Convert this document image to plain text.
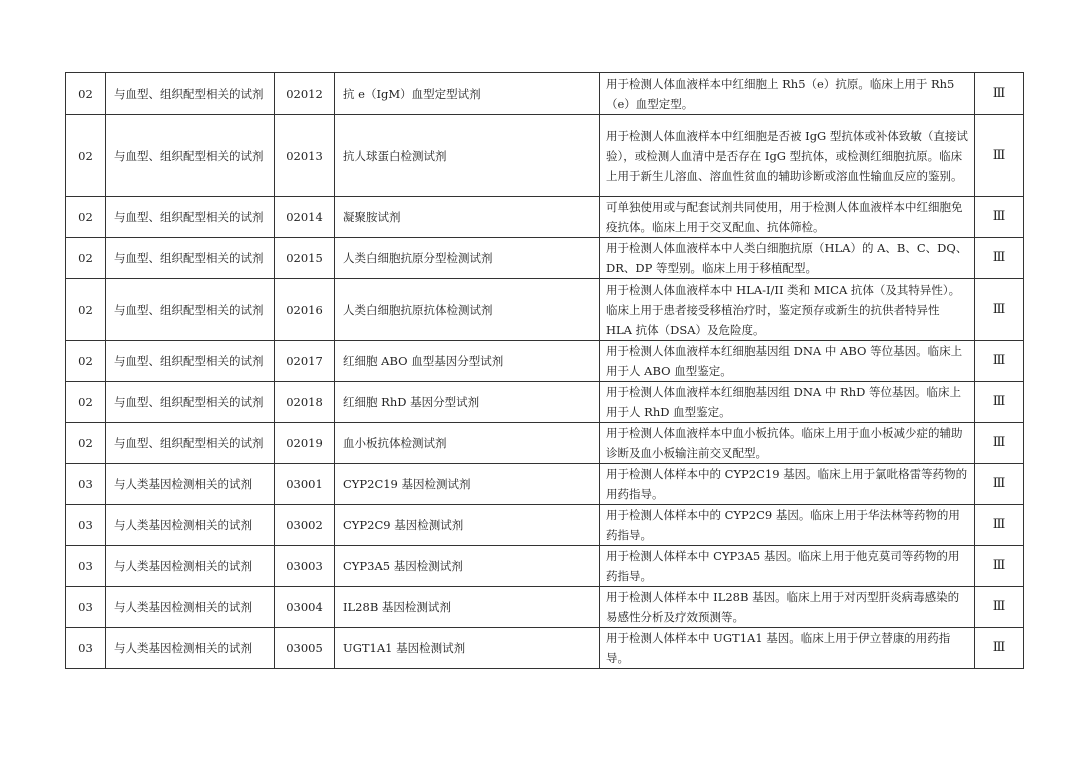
02	与血型、组织配型相关的试剂	02012	抗 e（IgM）血型定型试剂	用于检测人体血液样本中红细胞上 Rh5（e）抗原。临床上用于 Rh5（e）血型定型。	Ⅲ
02	与血型、组织配型相关的试剂	02013	抗人球蛋白检测试剂	用于检测人体血液样本中红细胞是否被 IgG 型抗体或补体致敏（直接试验），或检测人血清中是否存在 IgG 型抗体，或检测红细胞抗原。临床上用于新生儿溶血、溶血性贫血的辅助诊断或溶血性输血反应的鉴别。	Ⅲ
02	与血型、组织配型相关的试剂	02014	凝聚胺试剂	可单独使用或与配套试剂共同使用，用于检测人体血液样本中红细胞免疫抗体。临床上用于交叉配血、抗体筛检。	Ⅲ
02	与血型、组织配型相关的试剂	02015	人类白细胞抗原分型检测试剂	用于检测人体血液样本中人类白细胞抗原（HLA）的 A、B、C、DQ、DR、DP 等型别。临床上用于移植配型。	Ⅲ
02	与血型、组织配型相关的试剂	02016	人类白细胞抗原抗体检测试剂	用于检测人体血液样本中 HLA-I/II 类和 MICA 抗体（及其特异性）。临床上用于患者接受移植治疗时，鉴定预存或新生的抗供者特异性 HLA 抗体（DSA）及危险度。	Ⅲ
02	与血型、组织配型相关的试剂	02017	红细胞 ABO 血型基因分型试剂	用于检测人体血液样本红细胞基因组 DNA 中 ABO 等位基因。临床上用于人 ABO 血型鉴定。	Ⅲ
02	与血型、组织配型相关的试剂	02018	红细胞 RhD 基因分型试剂	用于检测人体血液样本红细胞基因组 DNA 中 RhD 等位基因。临床上用于人 RhD 血型鉴定。	Ⅲ
02	与血型、组织配型相关的试剂	02019	血小板抗体检测试剂	用于检测人体血液样本中血小板抗体。临床上用于血小板减少症的辅助诊断及血小板输注前交叉配型。	Ⅲ
03	与人类基因检测相关的试剂	03001	CYP2C19 基因检测试剂	用于检测人体样本中的 CYP2C19 基因。临床上用于氯吡格雷等药物的用药指导。	Ⅲ
03	与人类基因检测相关的试剂	03002	CYP2C9 基因检测试剂	用于检测人体样本中的 CYP2C9 基因。临床上用于华法林等药物的用药指导。	Ⅲ
03	与人类基因检测相关的试剂	03003	CYP3A5 基因检测试剂	用于检测人体样本中 CYP3A5 基因。临床上用于他克莫司等药物的用药指导。	Ⅲ
03	与人类基因检测相关的试剂	03004	IL28B 基因检测试剂	用于检测人体样本中 IL28B 基因。临床上用于对丙型肝炎病毒感染的易感性分析及疗效预测等。	Ⅲ
03	与人类基因检测相关的试剂	03005	UGT1A1 基因检测试剂	用于检测人体样本中 UGT1A1 基因。临床上用于伊立替康的用药指导。	Ⅲ
